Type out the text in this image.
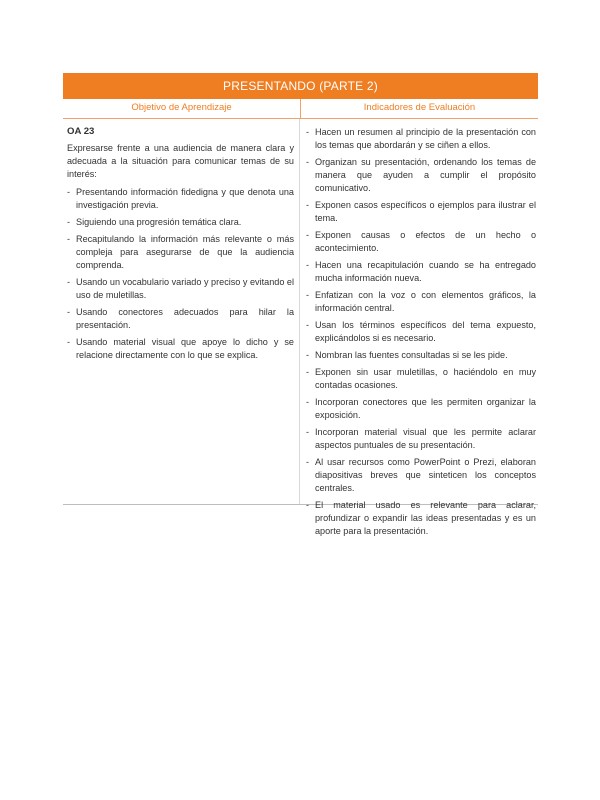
PRESENTANDO (PARTE 2)
Objetivo de Aprendizaje	Indicadores de Evaluación
OA 23
Expresarse frente a una audiencia de manera clara y adecuada a la situación para comunicar temas de su interés:
- Presentando información fidedigna y que denota una investigación previa.
- Siguiendo una progresión temática clara.
- Recapitulando la información más relevante o más compleja para asegurarse de que la audiencia comprenda.
- Usando un vocabulario variado y preciso y evitando el uso de muletillas.
- Usando conectores adecuados para hilar la presentación.
- Usando material visual que apoye lo dicho y se relacione directamente con lo que se explica.
- Hacen un resumen al principio de la presentación con los temas que abordarán y se ciñen a ellos.
- Organizan su presentación, ordenando los temas de manera que ayuden a cumplir el propósito comunicativo.
- Exponen casos específicos o ejemplos para ilustrar el tema.
- Exponen causas o efectos de un hecho o acontecimiento.
- Hacen una recapitulación cuando se ha entregado mucha información nueva.
- Enfatizan con la voz o con elementos gráficos, la información central.
- Usan los términos específicos del tema expuesto, explicándolos si es necesario.
- Nombran las fuentes consultadas si se les pide.
- Exponen sin usar muletillas, o haciéndolo en muy contadas ocasiones.
- Incorporan conectores que les permiten organizar la exposición.
- Incorporan material visual que les permite aclarar aspectos puntuales de su presentación.
- Al usar recursos como PowerPoint o Prezi, elaboran diapositivas breves que sinteticen los conceptos centrales.
- El material usado es relevante para aclarar, profundizar o expandir las ideas presentadas y es un aporte para la presentación.
